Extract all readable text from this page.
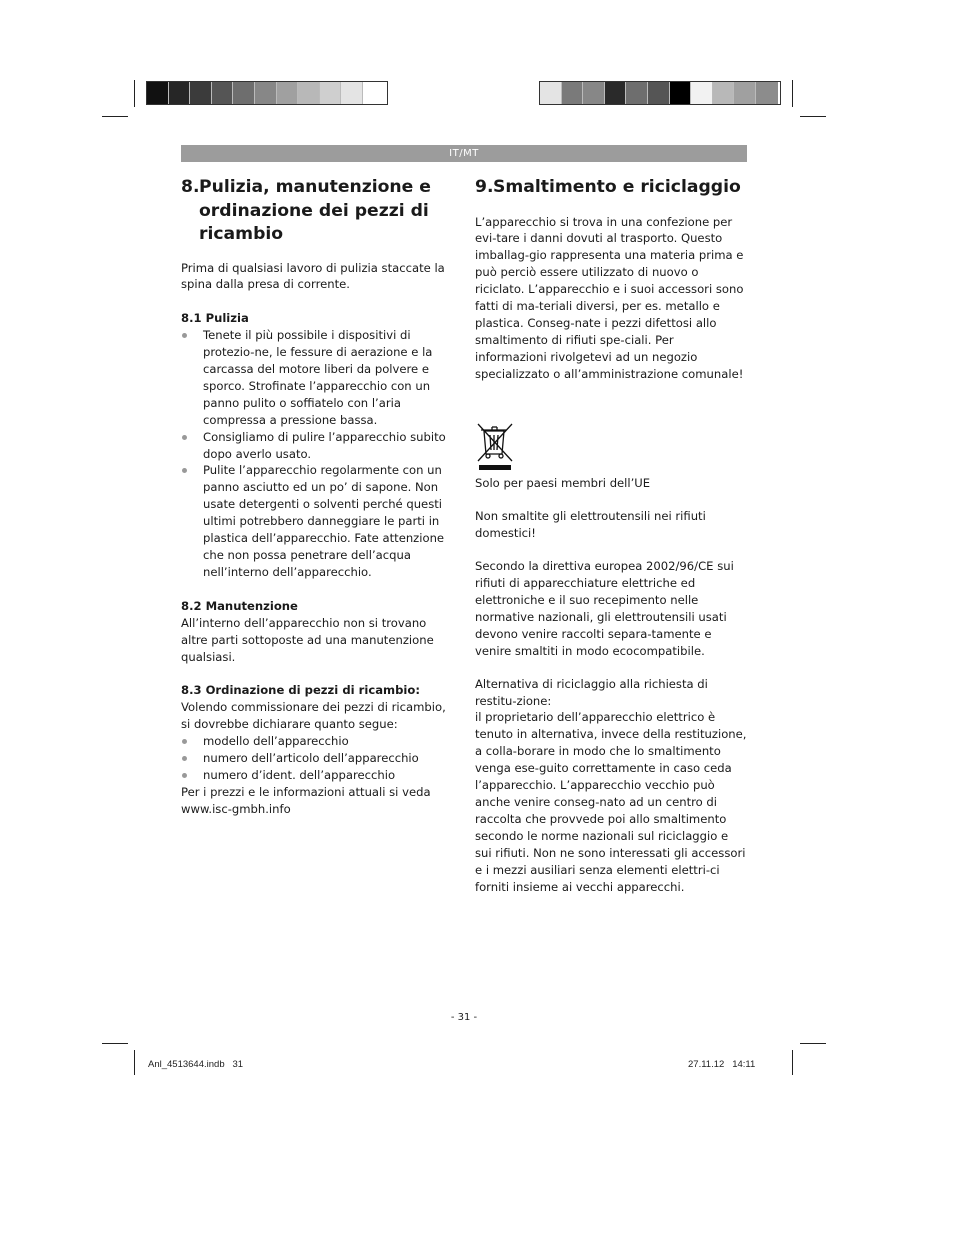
IT/MT
8. Pulizia, manutenzione e ordinazione dei pezzi di ricambio

Prima di qualsiasi lavoro di pulizia staccate la spina dalla presa di corrente.

8.1 Pulizia
Tenete il più possibile i dispositivi di protezio-ne, le fessure di aerazione e la carcassa del motore liberi da polvere e sporco. Strofinate l’apparecchio con un panno pulito o soffiatelo con l’aria compressa a pressione bassa.
Consigliamo di pulire l’apparecchio subito dopo averlo usato.
Pulite l’apparecchio regolarmente con un panno asciutto ed un po’ di sapone. Non usate detergenti o solventi perché questi ultimi potrebbero danneggiare le parti in plastica dell’apparecchio. Fate attenzione che non possa penetrare dell’acqua nell’interno dell’apparecchio.
8.2 Manutenzione

All’interno dell’apparecchio non si trovano altre parti sottoposte ad una manutenzione qualsiasi.

8.3 Ordinazione di pezzi di ricambio:

Volendo commissionare dei pezzi di ricambio, si dovrebbe dichiarare quanto segue:

modello dell’apparecchio
numero dell’articolo dell’apparecchio
numero d’ident. dell’apparecchio

Per i prezzi e le informazioni attuali si veda www.isc-gmbh.info

9. Smaltimento e riciclaggio

L’apparecchio si trova in una confezione per evi-tare i danni dovuti al trasporto. Questo imballag-gio rappresenta una materia prima e può perciò essere utilizzato di nuovo o riciclato. L’apparecchio e i suoi accessori sono fatti di ma-teriali diversi, per es. metallo e plastica. Conseg-nate i pezzi difettosi allo smaltimento di rifiuti spe-ciali. Per informazioni rivolgetevi ad un negozio specializzato o all’amministrazione comunale!

Solo per paesi membri dell’UE

Non smaltite gli elettroutensili nei rifiuti domestici!

Secondo la direttiva europea 2002/96/CE sui rifiuti di apparecchiature elettriche ed elettroniche e il suo recepimento nelle normative nazionali, gli elettroutensili usati devono venire raccolti separa-tamente e venire smaltiti in modo ecocompatibile.

Alternativa di riciclaggio alla richiesta di restitu-zione:

il proprietario dell’apparecchio elettrico è tenuto in alternativa, invece della restituzione, a colla-borare in modo che lo smaltimento venga ese-guito correttamente in caso ceda l’apparecchio. L’apparecchio vecchio può anche venire conseg-nato ad un centro di raccolta che provvede poi allo smaltimento secondo le norme nazionali sul riciclaggio e sui rifiuti. Non ne sono interessati gli accessori e i mezzi ausiliari senza elementi elettri-ci forniti insieme ai vecchi apparecchi.

- 31 -
Anl_4513644.indb   31	27.11.12   14:11
